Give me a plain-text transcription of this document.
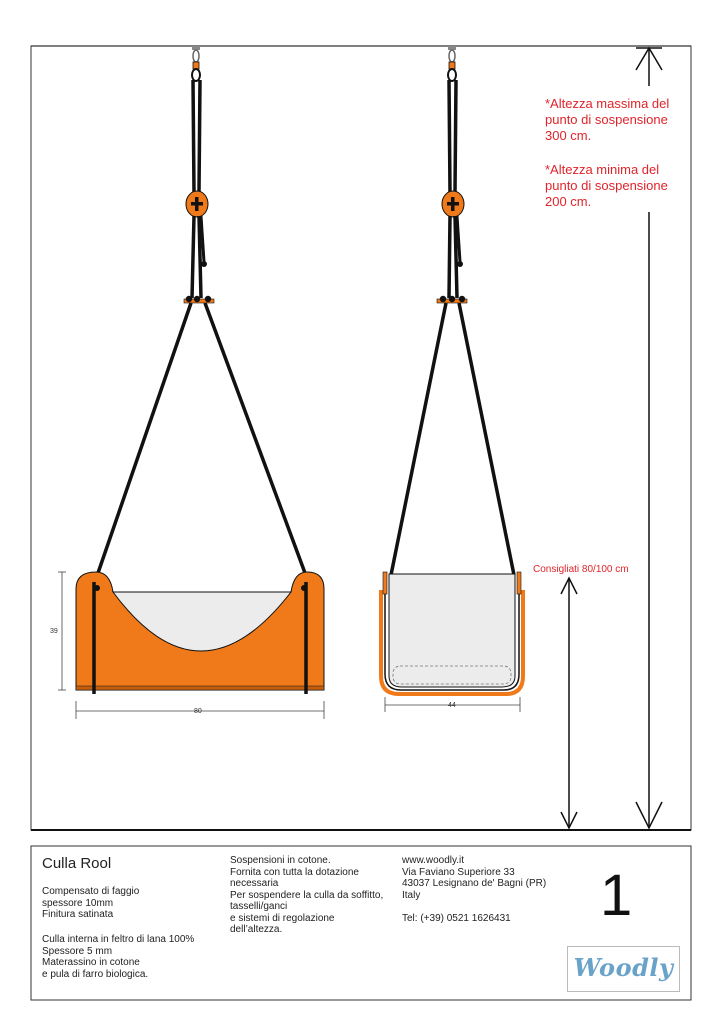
*Altezza massima del
punto di sospensione
300 cm.
*Altezza minima del
punto di sospensione
200 cm.
Consigliati 80/100 cm
39
80
44
Culla Rool
Compensato di faggio
spessore 10mm
Finitura satinata
Culla interna in feltro di lana 100%
Spessore 5 mm
Materassino in cotone
e pula di farro biologica.
Sospensioni in cotone.
Fornita con tutta la dotazione
necessaria
Per sospendere la culla da soffitto,
tasselli/ganci
e sistemi di regolazione
dell’altezza.
www.woodly.it
Via Faviano Superiore 33
43037 Lesignano de' Bagni (PR)
Italy

Tel: (+39) 0521 1626431	1
Woodly
